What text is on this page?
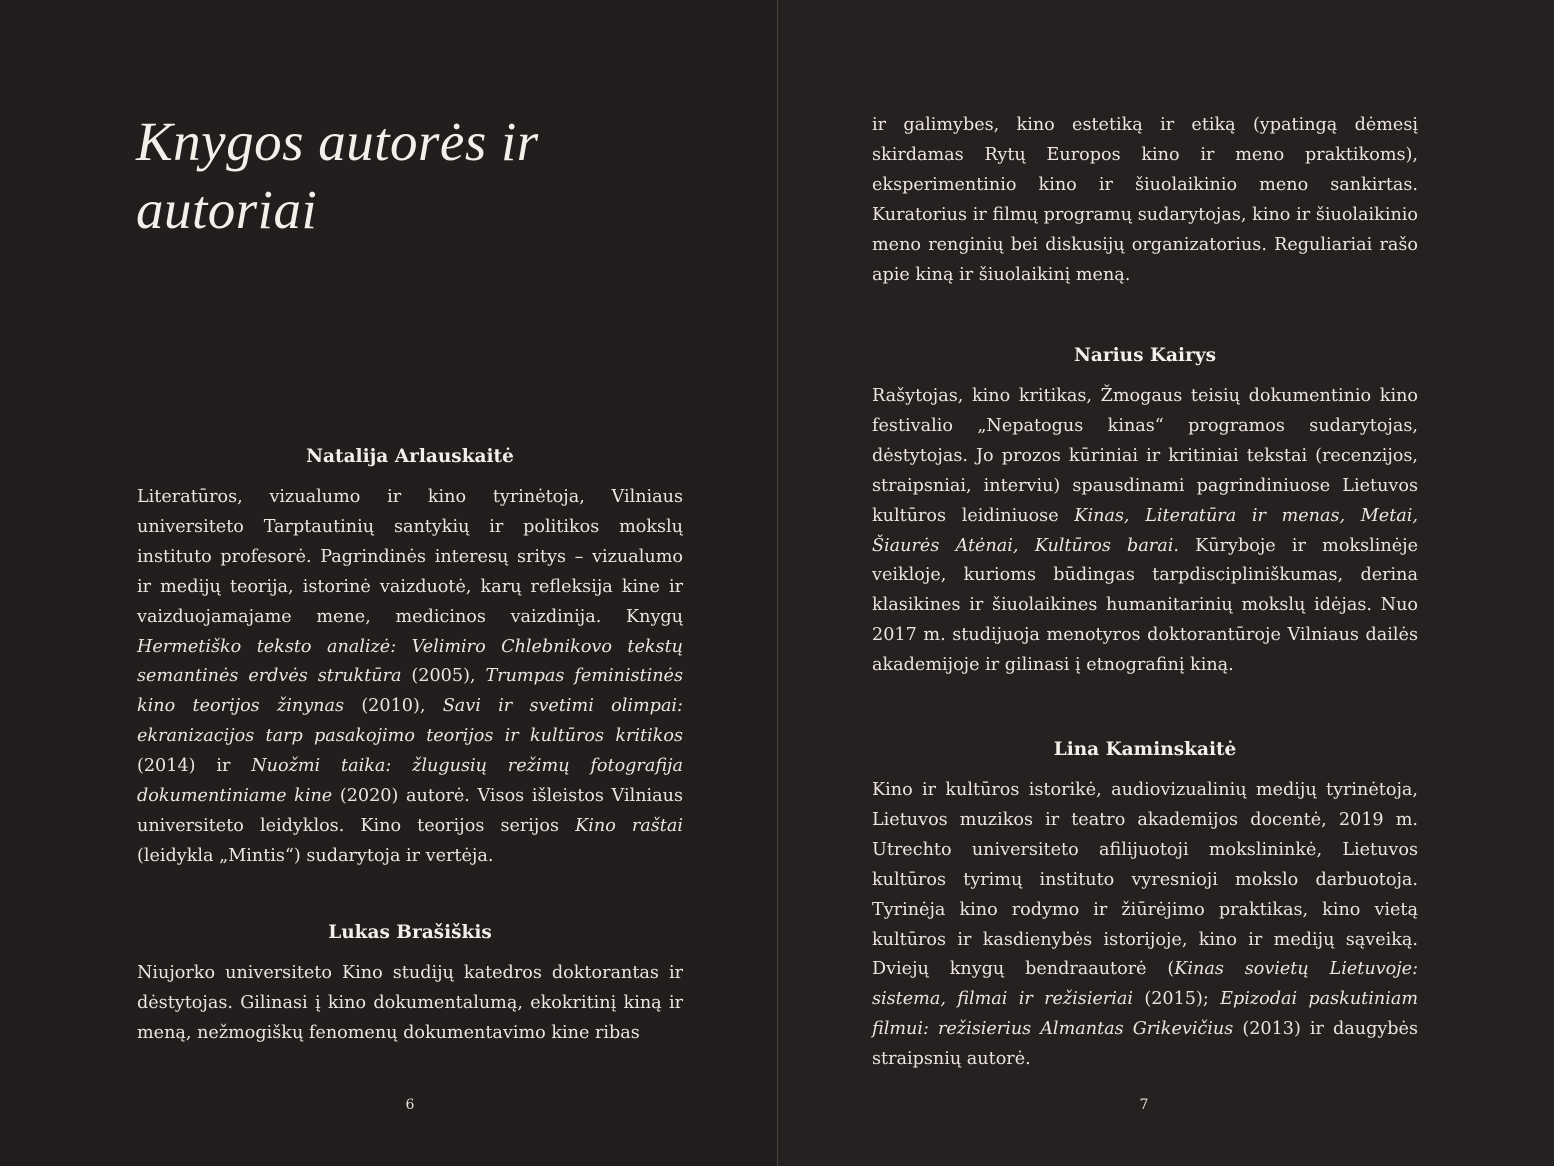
Knygos autorės ir
autoriai
Natalija Arlauskaitė

Literatūros, vizualumo ir kino tyrinėtoja, Vilniaus universiteto Tarptautinių santykių ir politikos mokslų instituto profesorė. Pagrindinės interesų sritys – vizualumo ir medijų teorija, istorinė vaizduotė, karų refleksija kine ir vaizduojamajame mene, medicinos vaizdinija. Knygų Hermetiško teksto analizė: Velimiro Chlebnikovo tekstų semantinės erdvės struktūra (2005), Trumpas feministinės kino teorijos žinynas (2010), Savi ir svetimi olimpai: ekranizacijos tarp pasakojimo teorijos ir kultūros kritikos (2014) ir Nuožmi taika: žlugusių režimų fotografija dokumentiniame kine (2020) autorė. Visos išleistos Vilniaus universiteto leidyklos. Kino teorijos serijos Kino raštai (leidykla „Mintis“) sudarytoja ir vertėja.

Lukas Brašiškis

Niujorko universiteto Kino studijų katedros doktorantas ir dėstytojas. Gilinasi į kino dokumentalumą, ekokritinį kiną ir meną, nežmogiškų fenomenų dokumentavimo kine ribas

6

ir galimybes, kino estetiką ir etiką (ypatingą dėmesį skirdamas Rytų Europos kino ir meno praktikoms), eksperimentinio kino ir šiuolaikinio meno sankirtas. Kuratorius ir filmų programų sudarytojas, kino ir šiuolaikinio meno renginių bei diskusijų organizatorius. Reguliariai rašo apie kiną ir šiuolaikinį meną.

Narius Kairys

Rašytojas, kino kritikas, Žmogaus teisių dokumentinio kino festivalio „Nepatogus kinas“ programos sudarytojas, dėstytojas. Jo prozos kūriniai ir kritiniai tekstai (recenzijos, straipsniai, interviu) spausdinami pagrindiniuose Lietuvos kultūros leidiniuose Kinas, Literatūra ir menas, Metai, Šiaurės Atėnai, Kultūros barai. Kūryboje ir mokslinėje veikloje, kurioms būdingas tarpdiscipliniškumas, derina klasikines ir šiuolaikines humanitarinių mokslų idėjas. Nuo 2017 m. studijuoja menotyros doktorantūroje Vilniaus dailės akademijoje ir gilinasi į etnografinį kiną.

Lina Kaminskaitė

Kino ir kultūros istorikė, audiovizualinių medijų tyrinėtoja, Lietuvos muzikos ir teatro akademijos docentė, 2019 m. Utrechto universiteto afilijuotoji mokslininkė, Lietuvos kultūros tyrimų instituto vyresnioji mokslo darbuotoja. Tyrinėja kino rodymo ir žiūrėjimo praktikas, kino vietą kultūros ir kasdienybės istorijoje, kino ir medijų sąveiką. Dviejų knygų bendraautorė (Kinas sovietų Lietuvoje: sistema, filmai ir režisieriai (2015); Epizodai paskutiniam filmui: režisierius Almantas Grikevičius (2013) ir daugybės straipsnių autorė.

7
